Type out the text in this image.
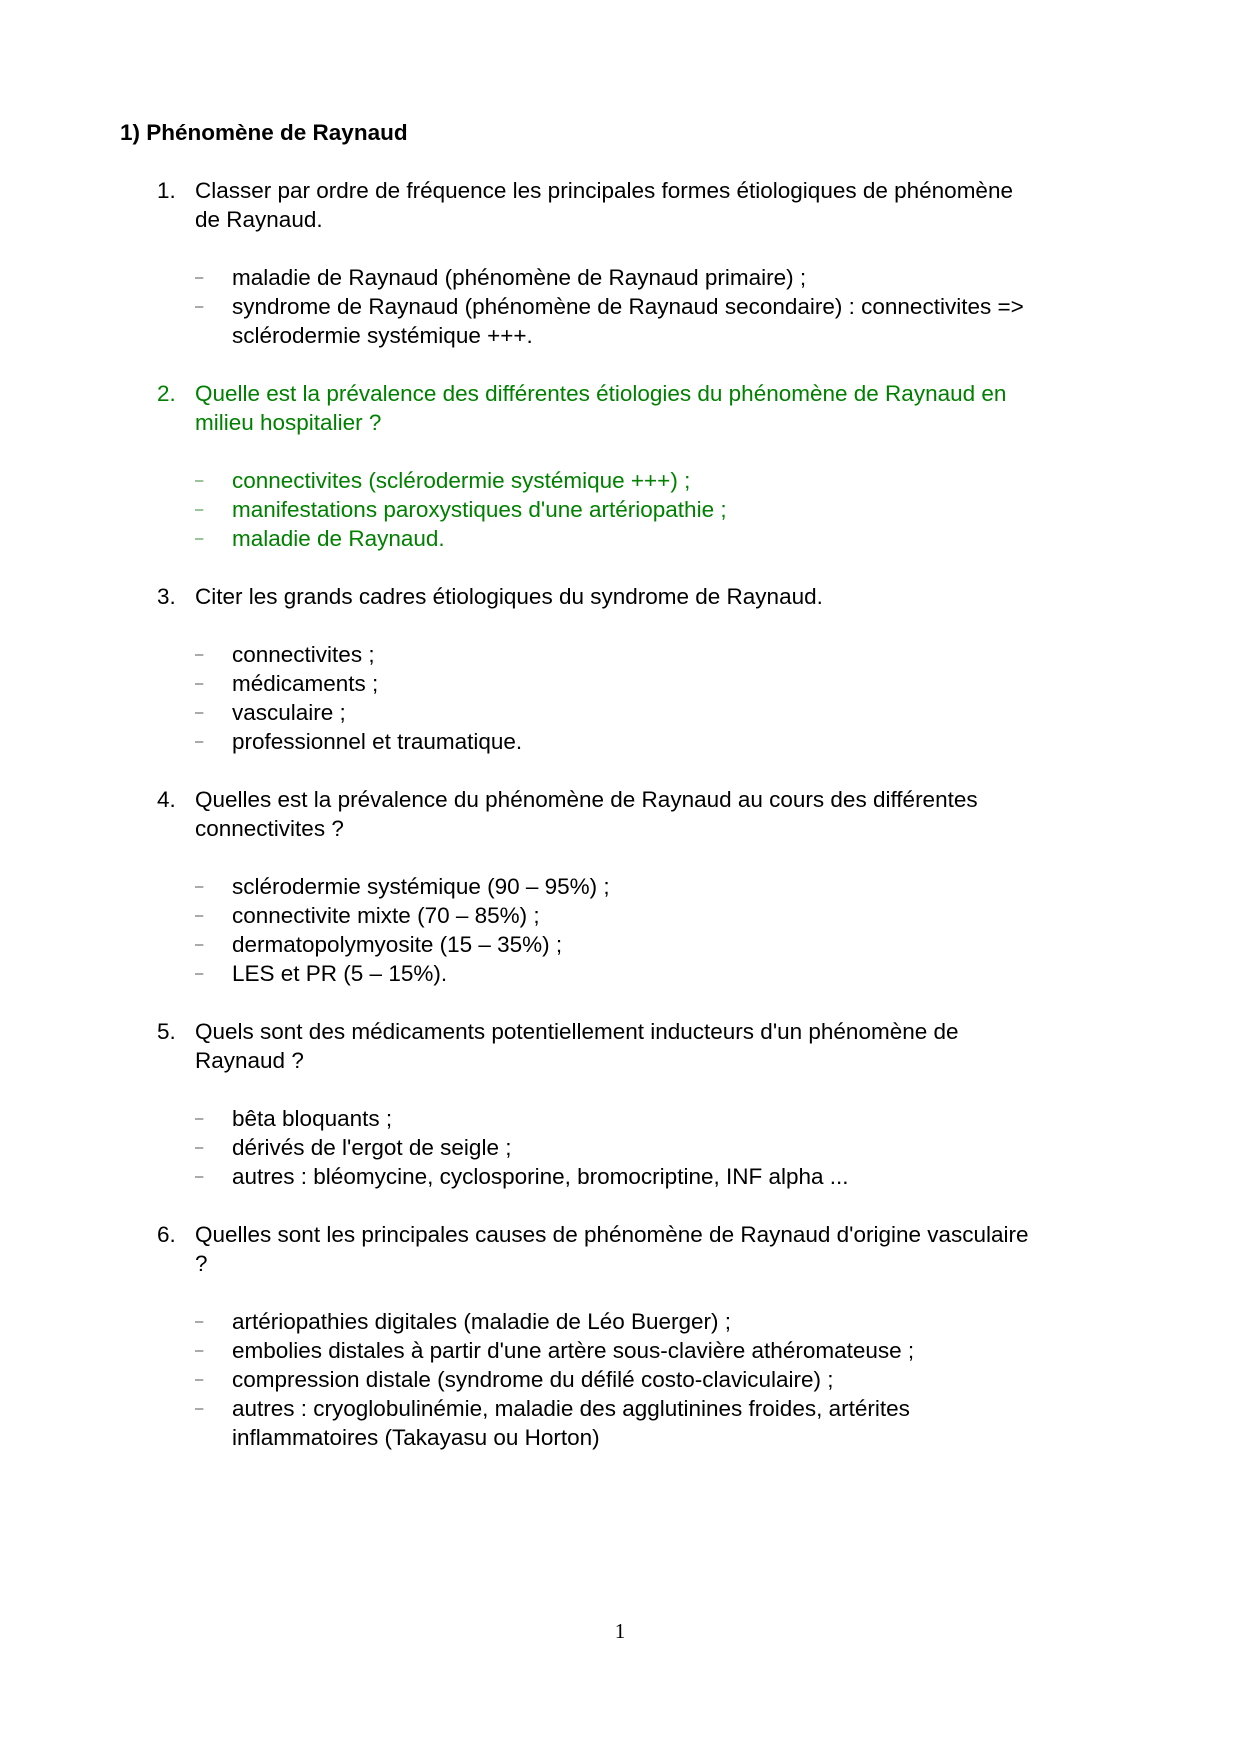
1) Phénomène de Raynaud
1. Classer par ordre de fréquence les principales formes étiologiques de phénomène
de Raynaud.
–	maladie de Raynaud (phénomène de Raynaud primaire) ;
–	syndrome de Raynaud (phénomène de Raynaud secondaire) : connectivites =>
sclérodermie systémique +++.
2. Quelle est la prévalence des différentes étiologies du phénomène de Raynaud en
milieu hospitalier ?
–	connectivites (sclérodermie systémique +++) ;
–	manifestations paroxystiques d'une artériopathie ;
–	maladie de Raynaud.
3. Citer les grands cadres étiologiques du syndrome de Raynaud.
–	connectivites ;
–	médicaments ;
–	vasculaire ;
–	professionnel et traumatique.
4. Quelles est la prévalence du phénomène de Raynaud au cours des différentes
connectivites ?
–	sclérodermie systémique (90 – 95%) ;
–	connectivite mixte (70 – 85%) ;
–	dermatopolymyosite (15 – 35%) ;
–	LES et PR (5 – 15%).
5. Quels sont des médicaments potentiellement inducteurs d'un phénomène de
Raynaud ?
–	bêta bloquants ;
–	dérivés de l'ergot de seigle ;
–	autres : bléomycine, cyclosporine, bromocriptine, INF alpha ...
6. Quelles sont les principales causes de phénomène de Raynaud d'origine vasculaire
?
–	artériopathies digitales (maladie de Léo Buerger) ;
–	embolies distales à partir d'une artère sous-clavière athéromateuse ;
–	compression distale (syndrome du défilé costo-claviculaire) ;
–	autres : cryoglobulinémie, maladie des agglutinines froides, artérites
inflammatoires (Takayasu ou Horton)
1
